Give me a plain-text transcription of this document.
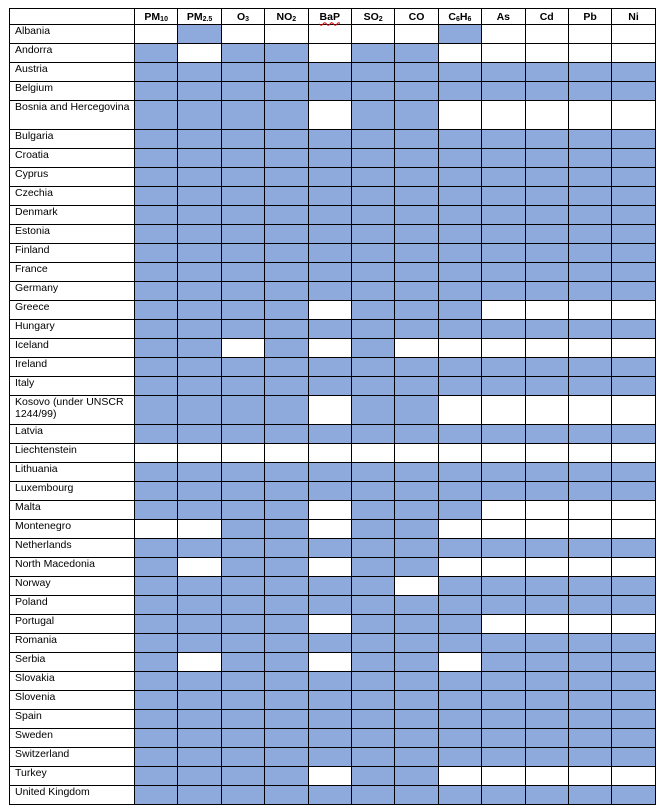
	$PM_{10}$	$PM_{2.5}$	$O_3$	$NO_2$	BaP	$SO_2$	CO	$C_6H_6$	As	Cd	Pb	Ni
Albania												
Andorra												
Austria												
Belgium												
Bosnia and Hercegovina												
Bulgaria												
Croatia												
Cyprus												
Czechia												
Denmark												
Estonia												
Finland												
France												
Germany												
Greece												
Hungary												
Iceland												
Ireland												
Italy												
Kosovo (under UNSCR 1244/99)												
Latvia												
Liechtenstein												
Lithuania												
Luxembourg												
Malta												
Montenegro												
Netherlands												
North Macedonia												
Norway												
Poland												
Portugal												
Romania												
Serbia												
Slovakia												
Slovenia												
Spain												
Sweden												
Switzerland												
Turkey												
United Kingdom												
